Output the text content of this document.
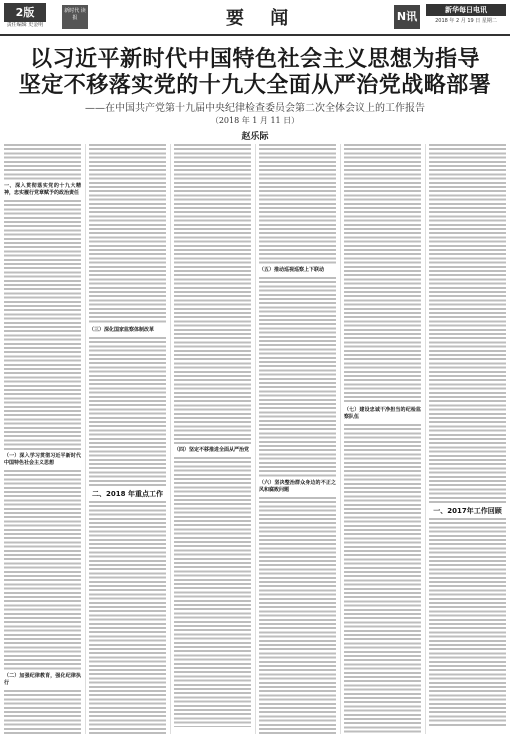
2版
责任编辑 史金明
新时代 读报	要 闻	N讯	新华每日电讯
2018 年 2 月 19 日 星期二
以习近平新时代中国特色社会主义思想为指导
坚定不移落实党的十九大全面从严治党战略部署
——在中国共产党第十九届中央纪律检查委员会第二次全体会议上的工作报告
（2018 年 1 月 11 日）
赵乐际

一、深入贯彻落实党的十九大精神，忠实履行党章赋予的政治责任

（一）深入学习贯彻习近平新时代中国特色社会主义思想

（二）加强纪律教育，强化纪律执行

（三）深化国家监察体制改革

二、2018 年重点工作

（四）坚定不移推进全面从严治党

（五）推动巡视巡察上下联动

（六）坚决整治群众身边的不正之风和腐败问题

（七）建设忠诚干净担当的纪检监察队伍

一、2017年工作回顾
